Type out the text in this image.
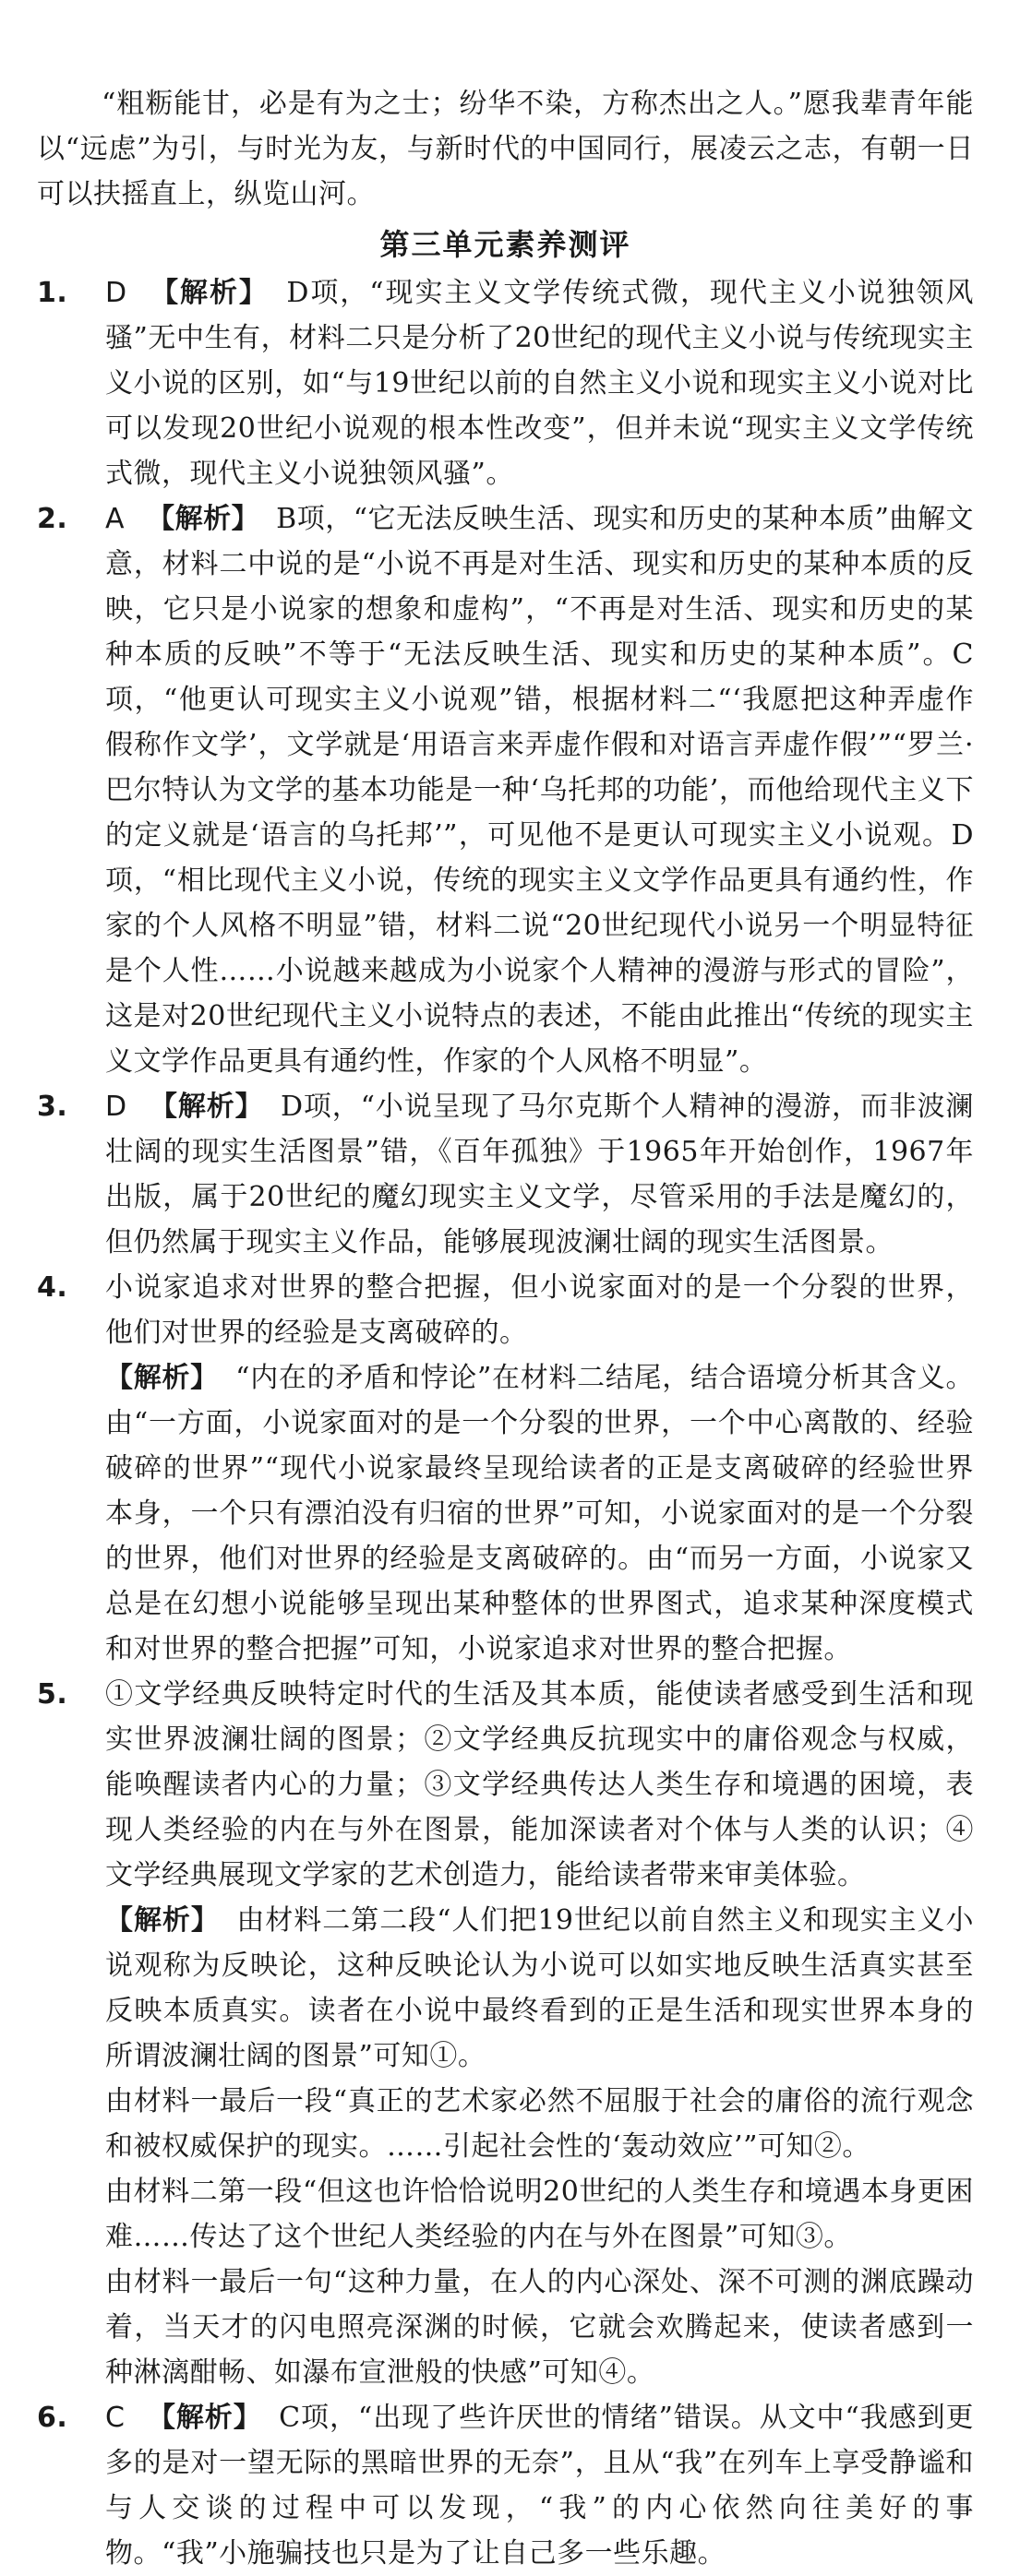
“粗粝能甘，必是有为之士；纷华不染，方称杰出之人。”愿我辈青年能以“远虑”为引，与时光为友，与新时代的中国同行，展凌云之志，有朝一日可以扶摇直上，纵览山河。
第三单元素养测评
1.	D 【解析】 D项，“现实主义文学传统式微，现代主义小说独领风骚”无中生有，材料二只是分析了20世纪的现代主义小说与传统现实主义小说的区别，如“与19世纪以前的自然主义小说和现实主义小说对比可以发现20世纪小说观的根本性改变”，但并未说“现实主义文学传统式微，现代主义小说独领风骚”。
2.	A 【解析】 B项，“它无法反映生活、现实和历史的某种本质”曲解文意，材料二中说的是“小说不再是对生活、现实和历史的某种本质的反映，它只是小说家的想象和虚构”，“不再是对生活、现实和历史的某种本质的反映”不等于“无法反映生活、现实和历史的某种本质”。C项，“他更认可现实主义小说观”错，根据材料二“‘我愿把这种弄虚作假称作文学’，文学就是‘用语言来弄虚作假和对语言弄虚作假’”“罗兰·巴尔特认为文学的基本功能是一种‘乌托邦的功能’，而他给现代主义下的定义就是‘语言的乌托邦’”，可见他不是更认可现实主义小说观。D项，“相比现代主义小说，传统的现实主义文学作品更具有通约性，作家的个人风格不明显”错，材料二说“20世纪现代小说另一个明显特征是个人性……小说越来越成为小说家个人精神的漫游与形式的冒险”，这是对20世纪现代主义小说特点的表述，不能由此推出“传统的现实主义文学作品更具有通约性，作家的个人风格不明显”。
3.	D 【解析】 D项，“小说呈现了马尔克斯个人精神的漫游，而非波澜壮阔的现实生活图景”错，《百年孤独》于1965年开始创作，1967年出版，属于20世纪的魔幻现实主义文学，尽管采用的手法是魔幻的，但仍然属于现实主义作品，能够展现波澜壮阔的现实生活图景。
4.	小说家追求对世界的整合把握，但小说家面对的是一个分裂的世界，他们对世界的经验是支离破碎的。
【解析】 “内在的矛盾和悖论”在材料二结尾，结合语境分析其含义。由“一方面，小说家面对的是一个分裂的世界，一个中心离散的、经验破碎的世界”“现代小说家最终呈现给读者的正是支离破碎的经验世界本身，一个只有漂泊没有归宿的世界”可知，小说家面对的是一个分裂的世界，他们对世界的经验是支离破碎的。由“而另一方面，小说家又总是在幻想小说能够呈现出某种整体的世界图式，追求某种深度模式和对世界的整合把握”可知，小说家追求对世界的整合把握。
5.	①文学经典反映特定时代的生活及其本质，能使读者感受到生活和现实世界波澜壮阔的图景；②文学经典反抗现实中的庸俗观念与权威，能唤醒读者内心的力量；③文学经典传达人类生存和境遇的困境，表现人类经验的内在与外在图景，能加深读者对个体与人类的认识；④文学经典展现文学家的艺术创造力，能给读者带来审美体验。
【解析】 由材料二第二段“人们把19世纪以前自然主义和现实主义小说观称为反映论，这种反映论认为小说可以如实地反映生活真实甚至反映本质真实。读者在小说中最终看到的正是生活和现实世界本身的所谓波澜壮阔的图景”可知①。
由材料一最后一段“真正的艺术家必然不屈服于社会的庸俗的流行观念和被权威保护的现实。……引起社会性的‘轰动效应’”可知②。
由材料二第一段“但这也许恰恰说明20世纪的人类生存和境遇本身更困难……传达了这个世纪人类经验的内在与外在图景”可知③。
由材料一最后一句“这种力量，在人的内心深处、深不可测的渊底躁动着，当天才的闪电照亮深渊的时候，它就会欢腾起来，使读者感到一种淋漓酣畅、如瀑布宣泄般的快感”可知④。
6.	C 【解析】 C项，“出现了些许厌世的情绪”错误。从文中“我感到更多的是对一望无际的黑暗世界的无奈”，且从“我”在列车上享受静谧和与人交谈的过程中可以发现，“我”的内心依然向往美好的事物。“我”小施骗技也只是为了让自己多一些乐趣。
